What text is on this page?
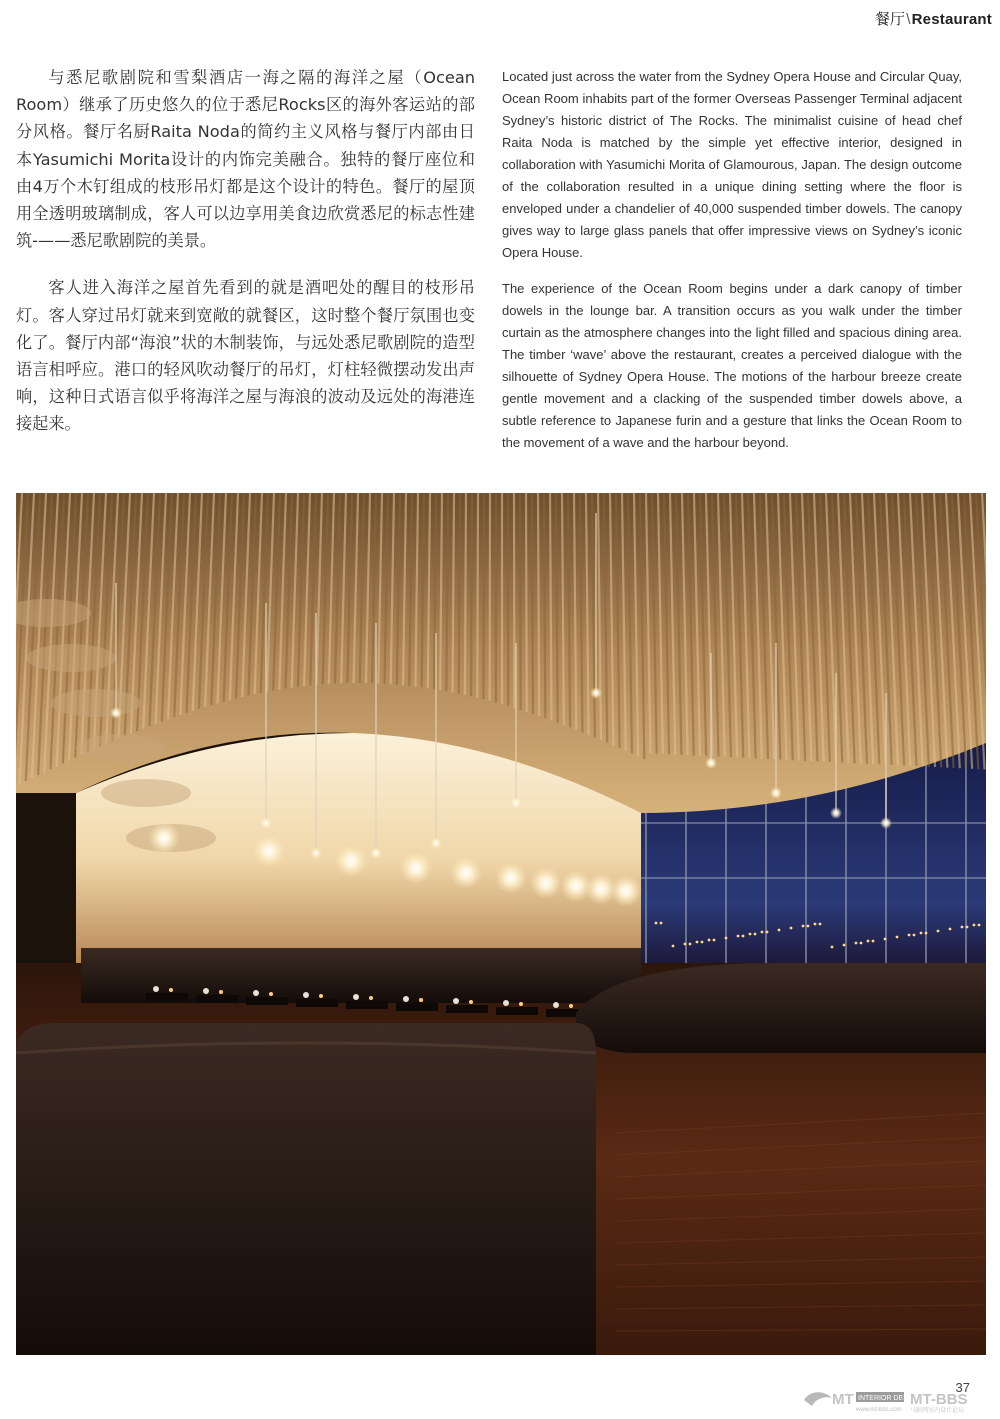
餐厅\Restaurant

与悉尼歌剧院和雪梨酒店一海之隔的海洋之屋（Ocean Room）继承了历史悠久的位于悉尼Rocks区的海外客运站的部分风格。餐厅名厨Raita Noda的简约主义风格与餐厅内部由日本Yasumichi Morita设计的内饰完美融合。独特的餐厅座位和由4万个木钉组成的枝形吊灯都是这个设计的特色。餐厅的屋顶用全透明玻璃制成，客人可以边享用美食边欣赏悉尼的标志性建筑-——悉尼歌剧院的美景。

客人进入海洋之屋首先看到的就是酒吧处的醒目的枝形吊灯。客人穿过吊灯就来到宽敞的就餐区，这时整个餐厅氛围也变化了。餐厅内部“海浪”状的木制装饰，与远处悉尼歌剧院的造型语言相呼应。港口的轻风吹动餐厅的吊灯，灯柱轻微摆动发出声响，这种日式语言似乎将海洋之屋与海浪的波动及远处的海港连接起来。

Located just across the water from the Sydney Opera House and Circular Quay, Ocean Room inhabits part of the former Overseas Passenger Terminal adjacent Sydney’s historic district of The Rocks. The minimalist cuisine of head chef Raita Noda is matched by the simple yet effective interior, designed in collaboration with Yasumichi Morita of Glamourous, Japan. The design outcome of the collaboration resulted in a unique dining setting where the floor is enveloped under a chandelier of 40,000 suspended timber dowels. The canopy gives way to large glass panels that offer impressive views on Sydney’s iconic Opera House.

The experience of the Ocean Room begins under a dark canopy of timber dowels in the lounge bar. A transition occurs as you walk under the timber curtain as the atmosphere changes into the light filled and spacious dining area. The timber ‘wave’ above the restaurant, creates a perceived dialogue with the silhouette of Sydney Opera House. The motions of the harbour breeze create gentle movement and a clacking of the suspended timber dowels above, a subtle reference to Japanese furin and a gesture that links the Ocean Room to the movement of a wave and the harbour beyond.

37
MT INTERIOR DESIGN
MT-BBS
www.mt-bbs.com 马蹄网室内设计论坛
